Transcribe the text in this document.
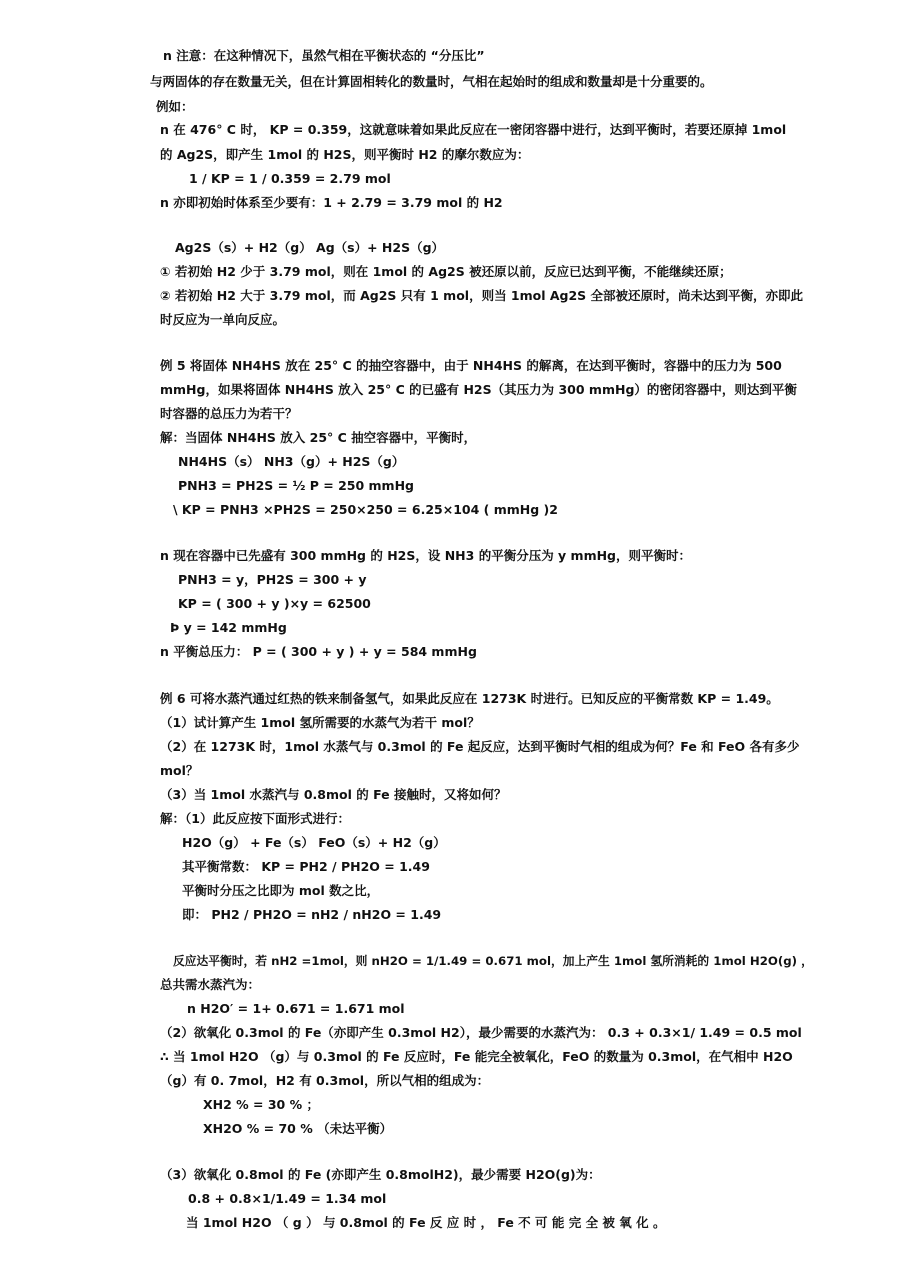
n 注意：在这种情况下，虽然气相在平衡状态的 “分压比”
与两固体的存在数量无关，但在计算固相转化的数量时，气相在起始时的组成和数量却是十分重要的。
例如：
n 在 476° C 时， KP = 0.359，这就意味着如果此反应在一密闭容器中进行，达到平衡时，若要还原掉 1mol
的 Ag2S，即产生 1mol 的 H2S，则平衡时 H2 的摩尔数应为：
1 / KP = 1 / 0.359 = 2.79 mol
n 亦即初始时体系至少要有：1 + 2.79 = 3.79 mol 的 H2
Ag2S（s）+ H2（g） Ag（s）+ H2S（g）
① 若初始 H2 少于 3.79 mol，则在 1mol 的 Ag2S 被还原以前，反应已达到平衡，不能继续还原；
② 若初始 H2 大于 3.79 mol，而 Ag2S 只有 1 mol，则当 1mol Ag2S 全部被还原时，尚未达到平衡，亦即此
时反应为一单向反应。
例 5 将固体 NH4HS 放在 25° C 的抽空容器中，由于 NH4HS 的解离，在达到平衡时，容器中的压力为 500
mmHg，如果将固体 NH4HS 放入 25° C 的已盛有 H2S（其压力为 300 mmHg）的密闭容器中，则达到平衡
时容器的总压力为若干？
解：当固体 NH4HS 放入 25° C 抽空容器中，平衡时，
NH4HS（s） NH3（g）+ H2S（g）
PNH3 = PH2S = ½ P = 250 mmHg
\ KP = PNH3 ×PH2S = 250×250 = 6.25×104 ( mmHg )2
n 现在容器中已先盛有 300 mmHg 的 H2S，设 NH3 的平衡分压为 y mmHg，则平衡时：
PNH3 = y，PH2S = 300 + y
KP = ( 300 + y )×y = 62500
Þ y = 142 mmHg
n 平衡总压力： P = ( 300 + y ) + y = 584 mmHg
例 6 可将水蒸汽通过红热的铁来制备氢气，如果此反应在 1273K 时进行。已知反应的平衡常数 KP = 1.49。
（1）试计算产生 1mol 氢所需要的水蒸气为若干 mol？
（2）在 1273K 时，1mol 水蒸气与 0.3mol 的 Fe 起反应，达到平衡时气相的组成为何？Fe 和 FeO 各有多少
mol？
（3）当 1mol 水蒸汽与 0.8mol 的 Fe 接触时，又将如何？
解：（1）此反应按下面形式进行：
H2O（g） + Fe（s） FeO（s）+ H2（g）
其平衡常数： KP = PH2 / PH2O = 1.49
平衡时分压之比即为 mol 数之比，
即： PH2 / PH2O = nH2 / nH2O = 1.49
反应达平衡时，若 nH2 =1mol，则 nH2O = 1/1.49 = 0.671 mol，加上产生 1mol 氢所消耗的 1mol H2O(g) ，
总共需水蒸汽为：
n H2O′ = 1+ 0.671 = 1.671 mol
（2）欲氧化 0.3mol 的 Fe（亦即产生 0.3mol H2），最少需要的水蒸汽为： 0.3 + 0.3×1/ 1.49 = 0.5 mol
∴ 当 1mol H2O （g）与 0.3mol 的 Fe 反应时，Fe 能完全被氧化，FeO 的数量为 0.3mol，在气相中 H2O
（g）有 0. 7mol，H2 有 0.3mol，所以气相的组成为：
XH2 % = 30 % ；
XH2O % = 70 % （未达平衡）
（3）欲氧化 0.8mol 的 Fe (亦即产生 0.8molH2)，最少需要 H2O(g)为：
0.8 + 0.8×1/1.49 = 1.34 mol
当 1mol H2O （ g ） 与 0.8mol 的 Fe 反 应 时 ， Fe 不 可 能 完 全 被 氧 化 。
